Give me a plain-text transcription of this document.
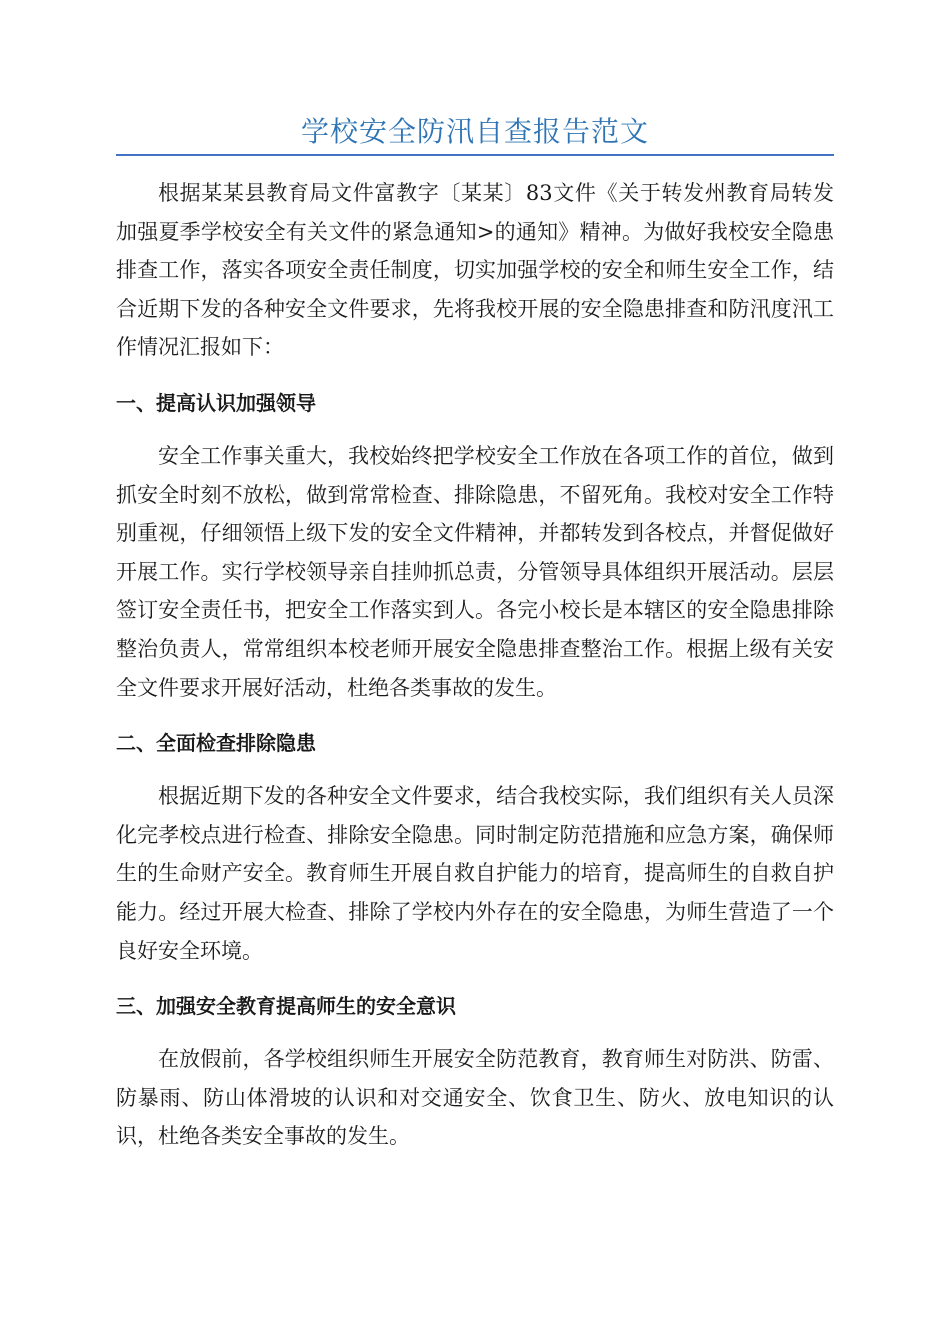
学校安全防汛自查报告范文

根据某某县教育局文件富教字〔某某〕83文件《关于转发州教育局转发加强夏季学校安全有关文件的紧急通知>的通知》精神。为做好我校安全隐患排查工作，落实各项安全责任制度，切实加强学校的安全和师生安全工作，结合近期下发的各种安全文件要求，先将我校开展的安全隐患排查和防汛度汛工作情况汇报如下：

一、提高认识加强领导

安全工作事关重大，我校始终把学校安全工作放在各项工作的首位，做到抓安全时刻不放松，做到常常检查、排除隐患，不留死角。我校对安全工作特别重视，仔细领悟上级下发的安全文件精神，并都转发到各校点，并督促做好开展工作。实行学校领导亲自挂帅抓总责，分管领导具体组织开展活动。层层签订安全责任书，把安全工作落实到人。各完小校长是本辖区的安全隐患排除整治负责人，常常组织本校老师开展安全隐患排查整治工作。根据上级有关安全文件要求开展好活动，杜绝各类事故的发生。

二、全面检查排除隐患

根据近期下发的各种安全文件要求，结合我校实际，我们组织有关人员深化完孝校点进行检查、排除安全隐患。同时制定防范措施和应急方案，确保师生的生命财产安全。教育师生开展自救自护能力的培育，提高师生的自救自护能力。经过开展大检查、排除了学校内外存在的安全隐患，为师生营造了一个良好安全环境。

三、加强安全教育提高师生的安全意识

在放假前，各学校组织师生开展安全防范教育，教育师生对防洪、防雷、防暴雨、防山体滑坡的认识和对交通安全、饮食卫生、防火、放电知识的认识，杜绝各类安全事故的发生。
